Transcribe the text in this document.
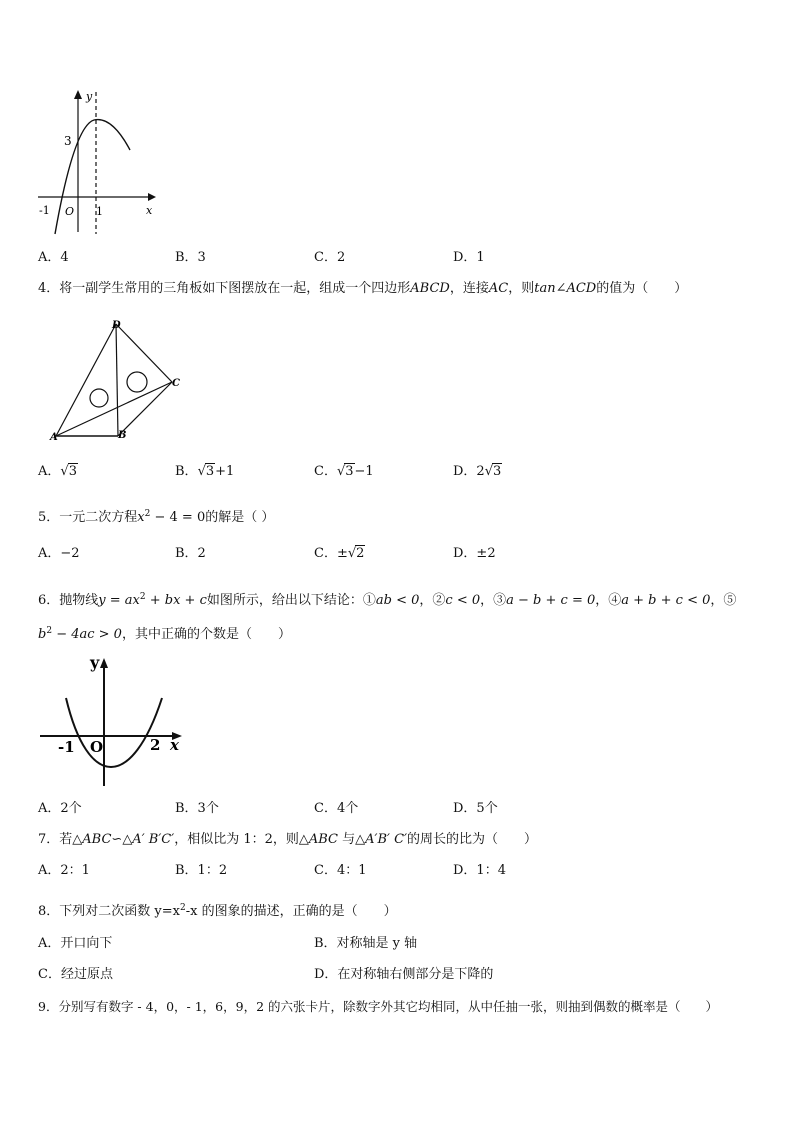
y
x
3
-1 O 1
A．4	B．3	C．2	D．1
4．将一副学生常用的三角板如下图摆放在一起，组成一个四边形ABCD，连接AC，则tan∠ACD的值为（　　）
D
C
A	B
A．√3	B．√3+1	C．√3−1	D．2√3
5．一元二次方程$x^2 - 4 = 0$的解是（ ）
A．−2	B．2	C．±√2	D．±2
6．抛物线$y = ax^2$ + bx + c如图所示，给出以下结论：①ab < 0，②c < 0，③a − b + c = 0，④a + b + c < 0，⑤
$b^2 - 4ac > 0$，其中正确的个数是（　　）
y
x
-1 O	2
A．2个	B．3个	C．4个	D．5个
7．若△ABC∽△A′ B′C′，相似比为 1：2，则△ABC 与△A′B′ C′的周长的比为（　　）
A．2：1	B．1：2	C．4：1	D．1：4
8．下列对二次函数 $y=x^2-x$ 的图象的描述，正确的是（　　）
A．开口向下	B．对称轴是 y 轴
C．经过原点	D．在对称轴右侧部分是下降的
9．分别写有数字 - 4，0，- 1，6，9，2 的六张卡片，除数字外其它均相同，从中任抽一张，则抽到偶数的概率是（　　）
